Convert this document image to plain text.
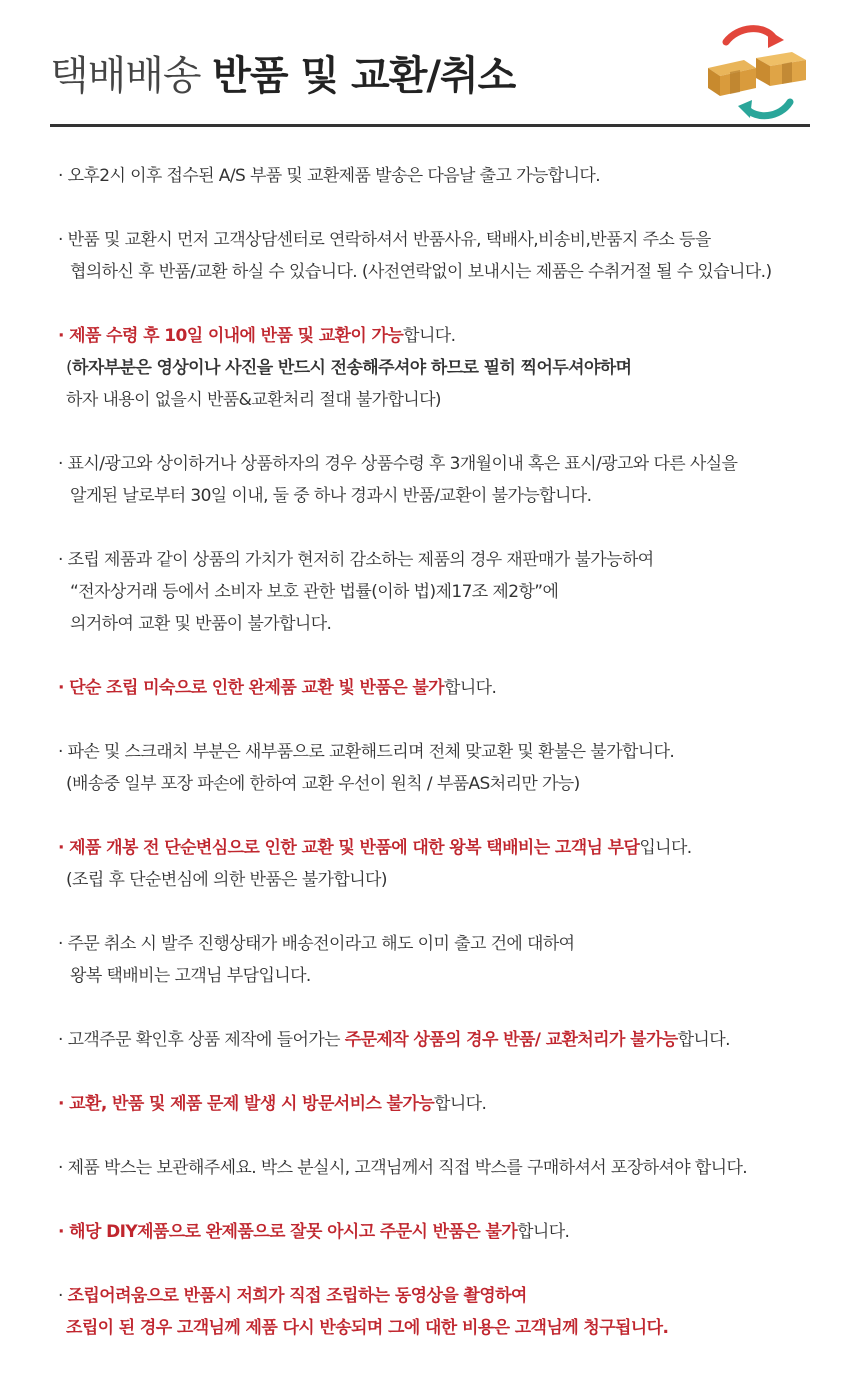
택배배송 반품 및 교환/취소
· 오후2시 이후 접수된 A/S 부품 및 교환제품 발송은 다음날 출고 가능합니다.
· 반품 및 교환시 먼저 고객상담센터로 연락하셔서 반품사유, 택배사,비송비,반품지 주소 등을
협의하신 후 반품/교환 하실 수 있습니다. (사전연락없이 보내시는 제품은 수취거절 될 수 있습니다.)
· 제품 수령 후 10일 이내에 반품 및 교환이 가능합니다.
(하자부분은 영상이나 사진을 반드시 전송해주셔야 하므로 필히 찍어두셔야하며
하자 내용이 없을시 반품&교환처리 절대 불가합니다)
· 표시/광고와 상이하거나 상품하자의 경우 상품수령 후 3개월이내 혹은 표시/광고와 다른 사실을
알게된 날로부터 30일 이내, 둘 중 하나 경과시 반품/교환이 불가능합니다.
· 조립 제품과 같이 상품의 가치가 현저히 감소하는 제품의 경우 재판매가 불가능하여
“전자상거래 등에서 소비자 보호 관한 법률(이하 법)제17조 제2항”에
의거하여 교환 및 반품이 불가합니다.
· 단순 조립 미숙으로 인한 완제품 교환 빛 반품은 불가합니다.
· 파손 및 스크래치 부분은 새부품으로 교환해드리며 전체 맞교환 및 환불은 불가합니다.
(배송중 일부 포장 파손에 한하여 교환 우선이 원칙 / 부품AS처리만 가능)
· 제품 개봉 전 단순변심으로 인한 교환 및 반품에 대한 왕복 택배비는 고객님 부담입니다.
(조립 후 단순변심에 의한 반품은 불가합니다)
· 주문 취소 시 발주 진행상태가 배송전이라고 해도 이미 출고 건에 대하여
왕복 택배비는 고객님 부담입니다.
· 고객주문 확인후 상품 제작에 들어가는 주문제작 상품의 경우 반품/ 교환처리가 불가능합니다.
· 교환, 반품 및 제품 문제 발생 시 방문서비스 불가능합니다.
· 제품 박스는 보관해주세요. 박스 분실시, 고객님께서 직접 박스를 구매하셔서 포장하셔야 합니다.
· 해당 DIY제품으로 완제품으로 잘못 아시고 주문시 반품은 불가합니다.
· 조립어려움으로 반품시 저희가 직접 조립하는 동영상을 촬영하여
조립이 된 경우 고객님께 제품 다시 반송되며 그에 대한 비용은 고객님께 청구됩니다.
